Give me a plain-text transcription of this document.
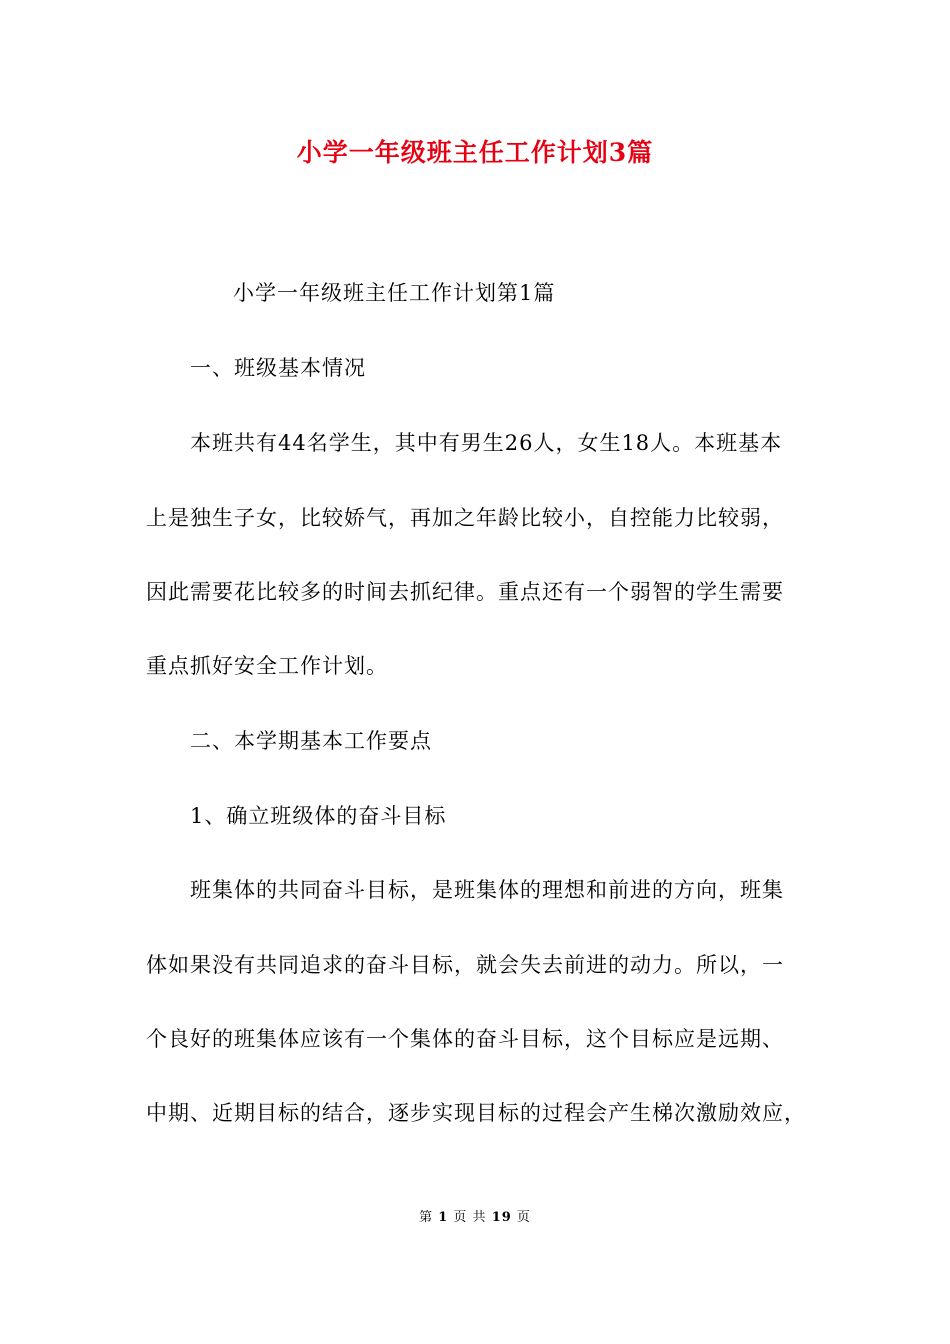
小学一年级班主任工作计划3篇

小学一年级班主任工作计划第1篇

一、班级基本情况

本班共有44名学生，其中有男生26人，女生18人。本班基本

上是独生子女，比较娇气，再加之年龄比较小，自控能力比较弱，

因此需要花比较多的时间去抓纪律。重点还有一个弱智的学生需要

重点抓好安全工作计划。

二、本学期基本工作要点

1、确立班级体的奋斗目标

班集体的共同奋斗目标，是班集体的理想和前进的方向，班集

体如果没有共同追求的奋斗目标，就会失去前进的动力。所以，一

个良好的班集体应该有一个集体的奋斗目标，这个目标应是远期、

中期、近期目标的结合，逐步实现目标的过程会产生梯次激励效应，

第 1 页 共 19 页
